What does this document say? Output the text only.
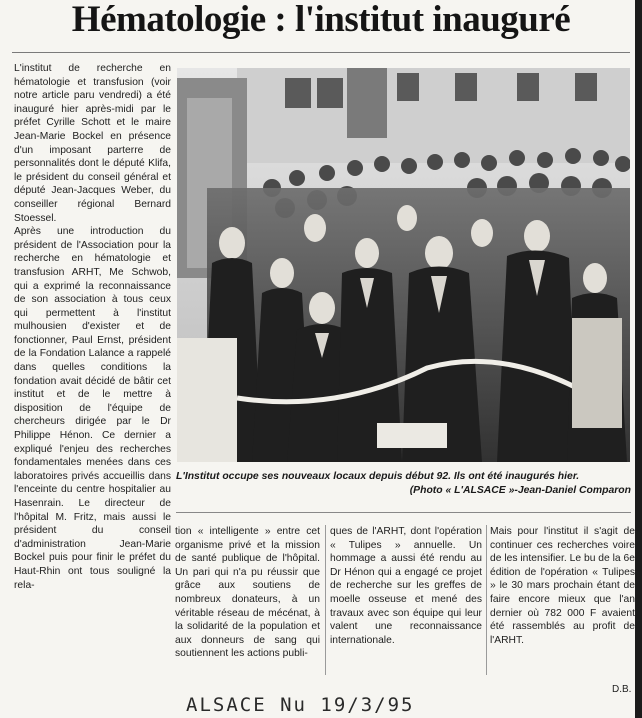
Hématologie : l'institut inauguré

L'institut de recherche en hématologie et transfusion (voir notre article paru vendredi) a été inauguré hier après-midi par le préfet Cyrille Schott et le maire Jean-Marie Bockel en présence d'un imposant parterre de personnalités dont le député Klifa, le président du conseil général et député Jean-Jacques Weber, du conseiller régional Bernard Stoessel.

Après une introduction du président de l'Association pour la recherche en hématologie et transfusion ARHT, Me Schwob, qui a exprimé la reconnaissance de son association à tous ceux qui permettent à l'institut mulhousien d'exister et de fonctionner, Paul Ernst, président de la Fondation Lalance a rappelé dans quelles conditions la fondation avait décidé de bâtir cet institut et de le mettre à disposition de l'équipe de chercheurs dirigée par le Dr Philippe Hénon. Ce dernier a expliqué l'enjeu des recherches fondamentales menées dans ces laboratoires privés accueillis dans l'enceinte du centre hospitalier au Hasenrain. Le directeur de l'hôpital M. Fritz, mais aussi le président du conseil d'administration Jean-Marie Bockel puis pour finir le préfet du Haut-Rhin ont tous souligné la rela-

L'Institut occupe ses nouveaux locaux depuis début 92. Ils ont été inaugurés hier.
(Photo « L'ALSACE »-Jean-Daniel Comparon

tion « intelligente » entre cet organisme privé et la mission de santé publique de l'hôpital. Un pari qui n'a pu réussir que grâce aux soutiens de nombreux donateurs, à un véritable réseau de mécénat, à la solidarité de la population et aux donneurs de sang qui soutiennent les actions publi-

ques de l'ARHT, dont l'opération « Tulipes » annuelle. Un hommage a aussi été rendu au Dr Hénon qui a engagé ce projet de recherche sur les greffes de moelle osseuse et mené des travaux avec son équipe qui leur valent une reconnaissance internationale.

Mais pour l'institut il s'agit de continuer ces recherches voire de les intensifier. Le bu de la 6e édition de l'opération « Tulipes » le 30 mars prochain étant de faire encore mieux que l'an dernier où 782 000 F avaient été rassemblés au profit de l'ARHT.

D.B.
ALSACE Nu 19/3/95
